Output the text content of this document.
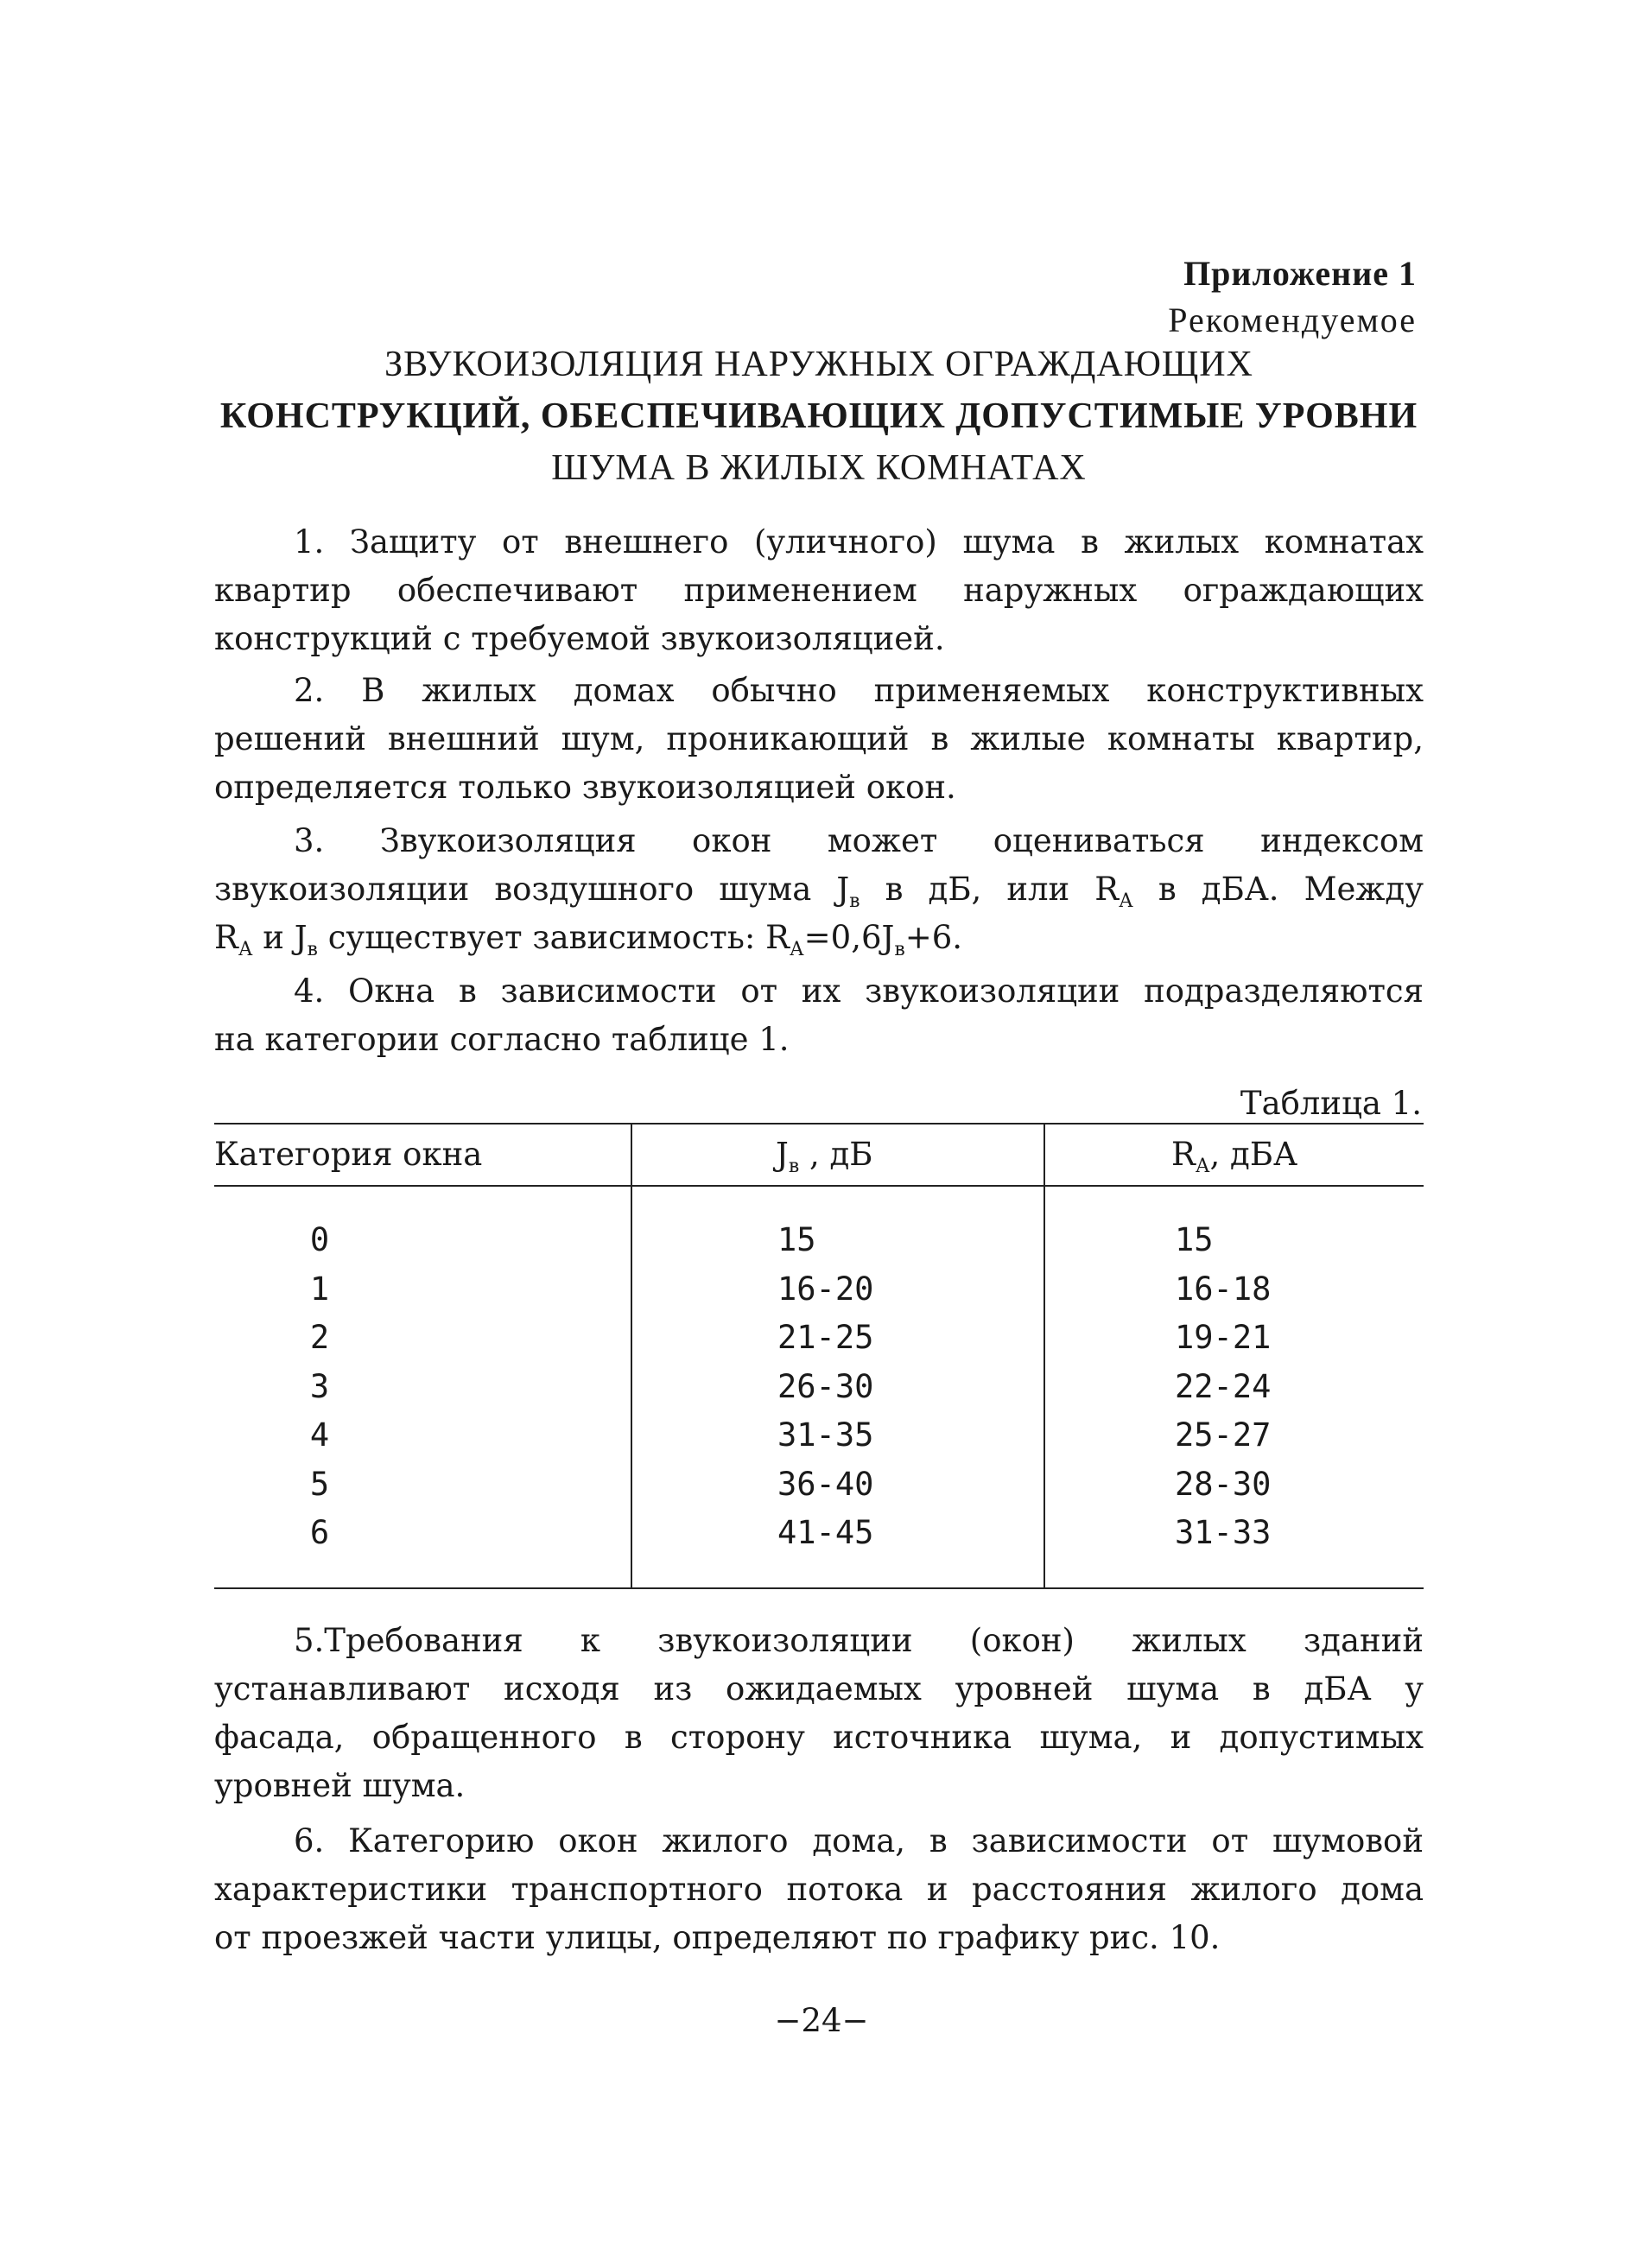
Приложение 1
Рекомендуемое
ЗВУКОИЗОЛЯЦИЯ НАРУЖНЫХ ОГРАЖДАЮЩИХ
КОНСТРУКЦИЙ, ОБЕСПЕЧИВАЮЩИХ ДОПУСТИМЫЕ УРОВНИ
ШУМА В ЖИЛЫХ КОМНАТАХ
1. Защиту от внешнего (уличного) шума в жилых комнатах
квартир обеспечивают применением наружных ограждающих
конструкций с требуемой звукоизоляцией.
2. В жилых домах обычно применяемых конструктивных
решений внешний шум, проникающий в жилые комнаты квартир,
определяется только звукоизоляцией окон.
3. Звукоизоляция окон может оцениваться индексом
звукоизоляции воздушного шума $J_в$ в дБ, или $R_А$ в дБА. Между
$R_А$ и $J_в$ существует зависимость: $R_А=0,6J_в+6$.
4. Окна в зависимости от их звукоизоляции подразделяются
на категории согласно таблице 1.
Таблица 1.
Категория окна	$J_в$ , дБ	$R_А$, дБА
0	15	15
1	16-20	16-18
2	21-25	19-21
3	26-30	22-24
4	31-35	25-27
5	36-40	28-30
6	41-45	31-33
5.Требования к звукоизоляции (окон) жилых зданий
устанавливают исходя из ожидаемых уровней шума в дБА у
фасада, обращенного в сторону источника шума, и допустимых
уровней шума.
6. Категорию окон жилого дома, в зависимости от шумовой
характеристики транспортного потока и расстояния жилого дома
от проезжей части улицы, определяют по графику рис. 10.
−24−
